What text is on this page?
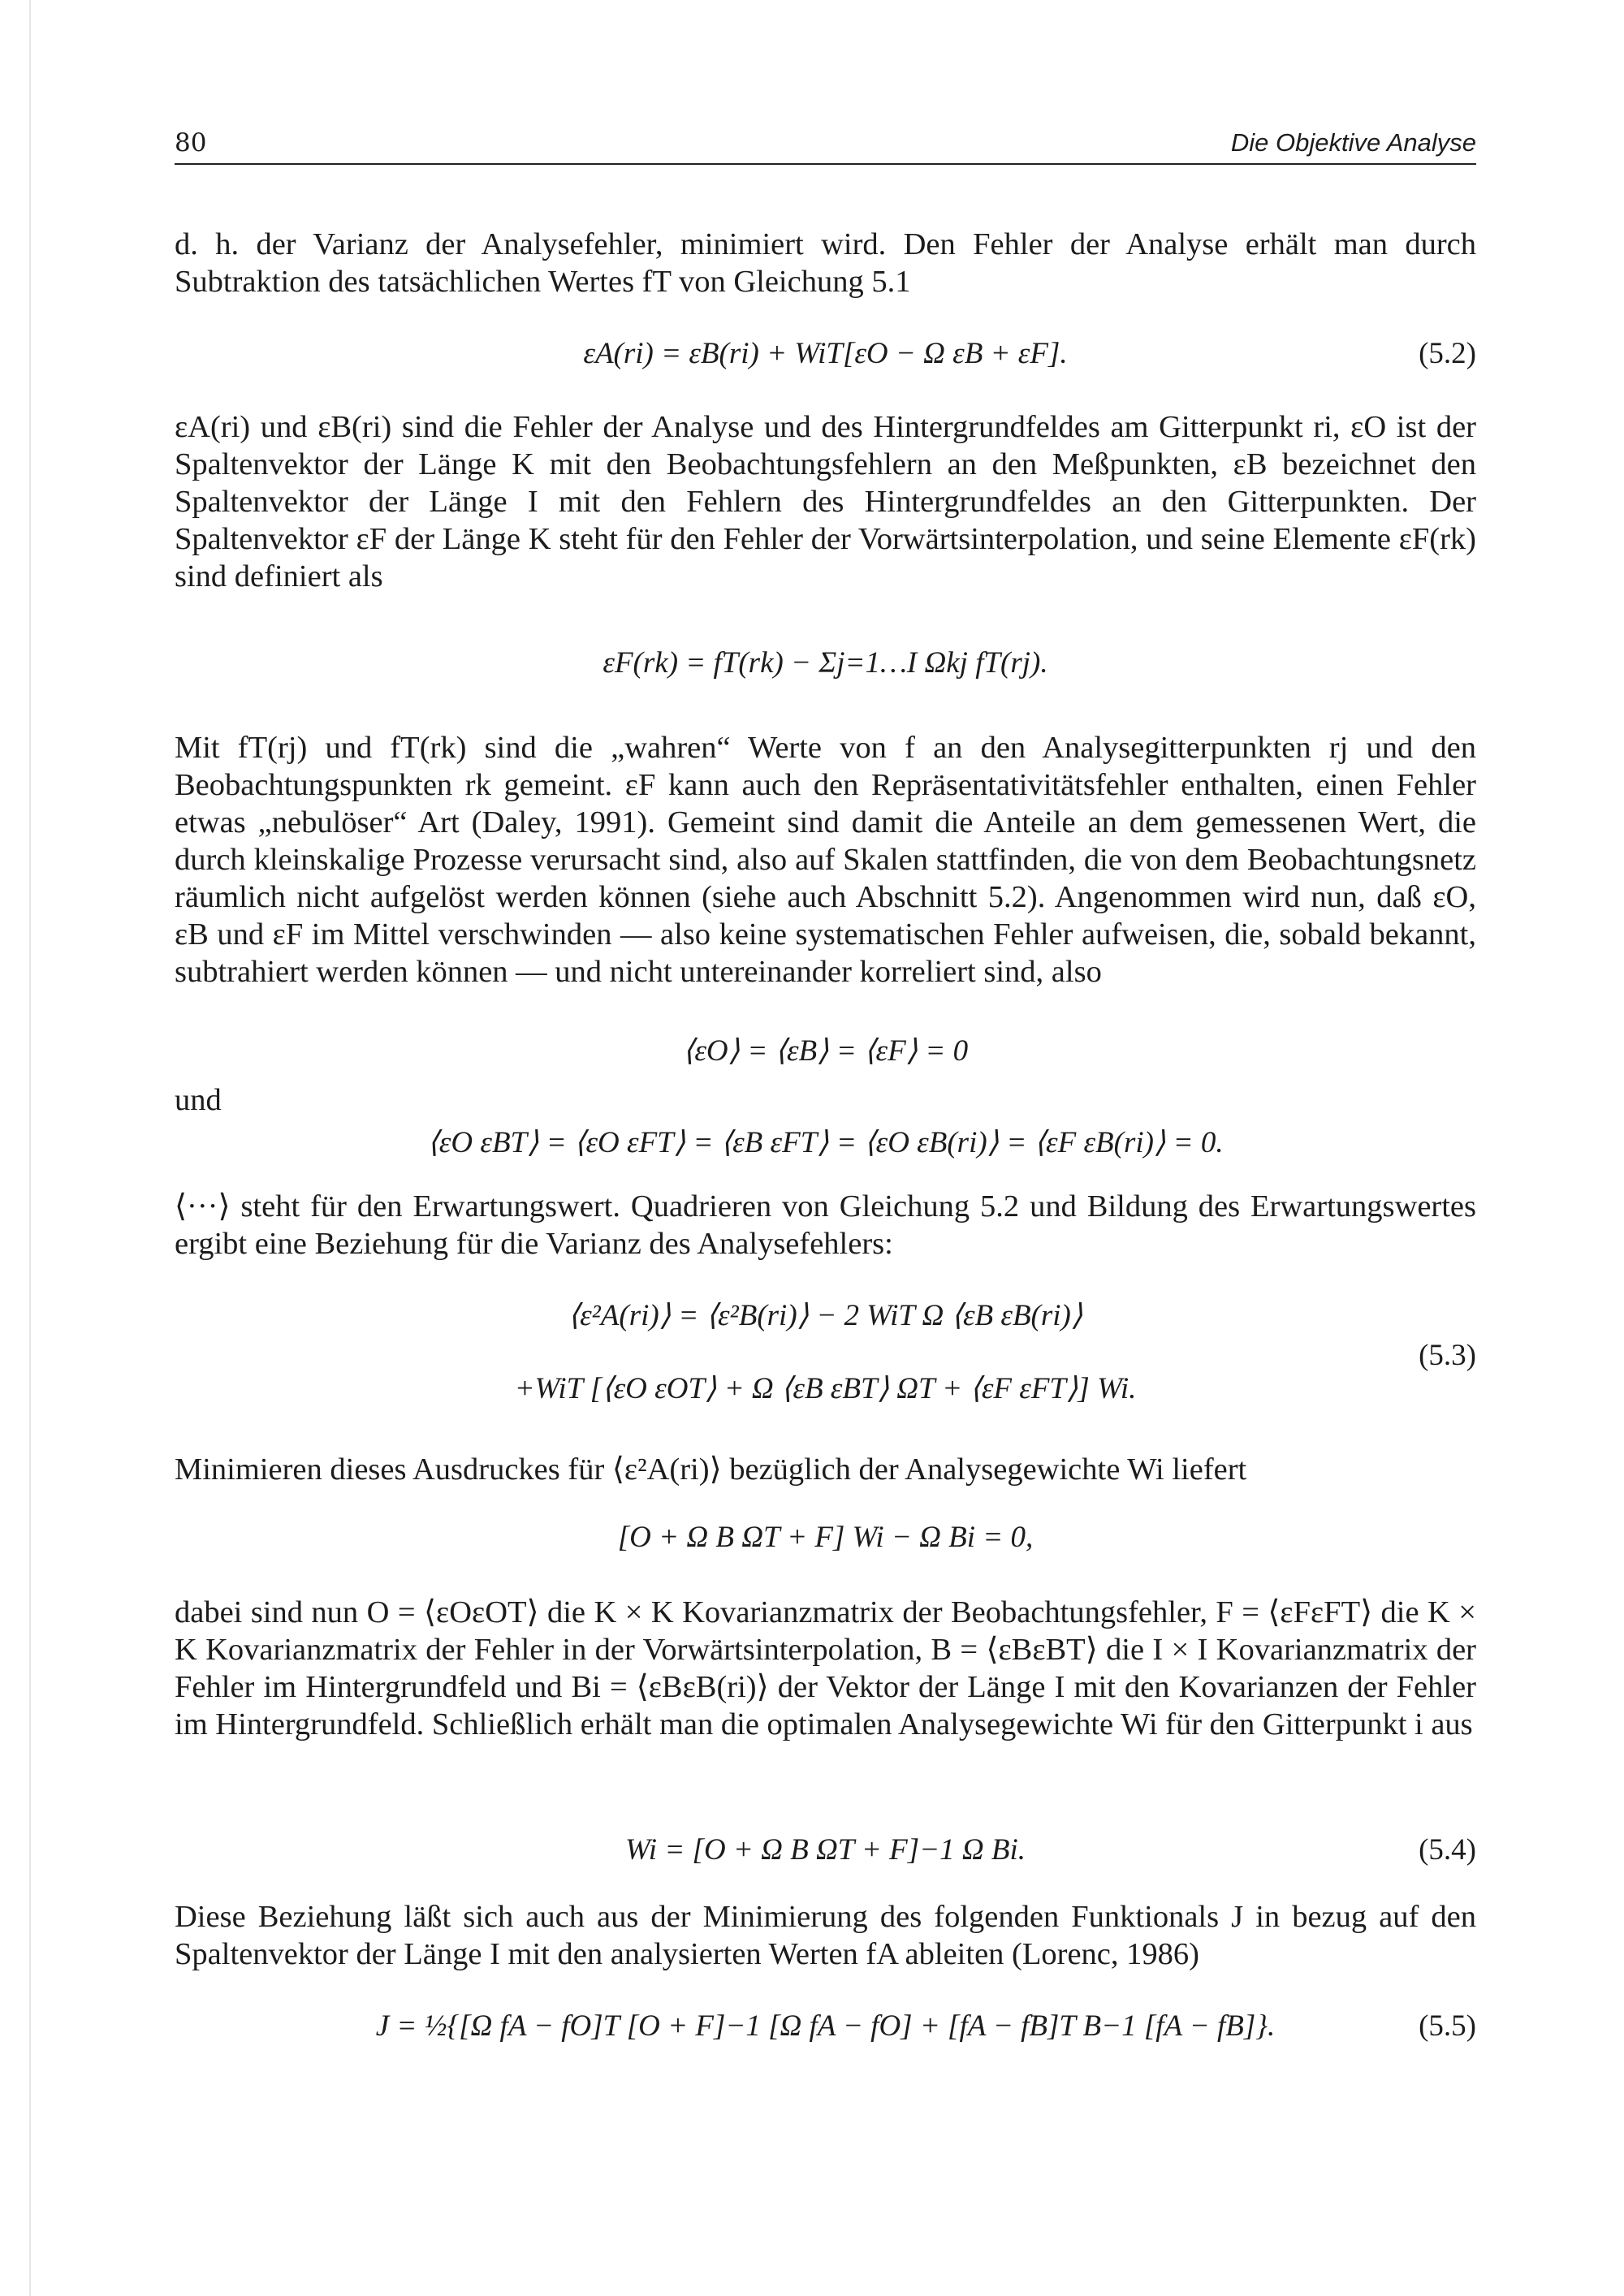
80	Die Objektive Analyse

d. h. der Varianz der Analysefehler, minimiert wird. Den Fehler der Analyse erhält man durch Subtraktion des tatsächlichen Wertes fT von Gleichung 5.1

εA(ri) = εB(ri) + WiT[εO − Ω εB + εF].	(5.2)

εA(ri) und εB(ri) sind die Fehler der Analyse und des Hintergrundfeldes am Gitterpunkt ri, εO ist der Spaltenvektor der Länge K mit den Beobachtungsfehlern an den Meßpunkten, εB bezeichnet den Spaltenvektor der Länge I mit den Fehlern des Hintergrundfeldes an den Gitterpunkten. Der Spaltenvektor εF der Länge K steht für den Fehler der Vorwärtsinterpolation, und seine Elemente εF(rk) sind definiert als

εF(rk) = fT(rk) − Σj=1…I Ωkj fT(rj).

Mit fT(rj) und fT(rk) sind die „wahren“ Werte von f an den Analysegitterpunkten rj und den Beobachtungspunkten rk gemeint. εF kann auch den Repräsentativitätsfehler enthalten, einen Fehler etwas „nebulöser“ Art (Daley, 1991). Gemeint sind damit die Anteile an dem gemessenen Wert, die durch kleinskalige Prozesse verursacht sind, also auf Skalen stattfinden, die von dem Beobachtungsnetz räumlich nicht aufgelöst werden können (siehe auch Abschnitt 5.2). Angenommen wird nun, daß εO, εB und εF im Mittel verschwinden — also keine systematischen Fehler aufweisen, die, sobald bekannt, subtrahiert werden können — und nicht untereinander korreliert sind, also

⟨εO⟩ = ⟨εB⟩ = ⟨εF⟩ = 0
und
⟨εO εBT⟩ = ⟨εO εFT⟩ = ⟨εB εFT⟩ = ⟨εO εB(ri)⟩ = ⟨εF εB(ri)⟩ = 0.

⟨···⟩ steht für den Erwartungswert. Quadrieren von Gleichung 5.2 und Bildung des Erwartungswertes ergibt eine Beziehung für die Varianz des Analysefehlers:

⟨ε²A(ri)⟩ = ⟨ε²B(ri)⟩ − 2 WiT Ω ⟨εB εB(ri)⟩
(5.3)
+WiT [⟨εO εOT⟩ + Ω ⟨εB εBT⟩ ΩT + ⟨εF εFT⟩] Wi.

Minimieren dieses Ausdruckes für ⟨ε²A(ri)⟩ bezüglich der Analysegewichte Wi liefert

[O + Ω B ΩT + F] Wi − Ω Bi = 0,

dabei sind nun O = ⟨εOεOT⟩ die K × K Kovarianzmatrix der Beobachtungsfehler, F = ⟨εFεFT⟩ die K × K Kovarianzmatrix der Fehler in der Vorwärtsinterpolation, B = ⟨εBεBT⟩ die I × I Kovarianzmatrix der Fehler im Hintergrundfeld und Bi = ⟨εBεB(ri)⟩ der Vektor der Länge I mit den Kovarianzen der Fehler im Hintergrundfeld. Schließlich erhält man die optimalen Analysegewichte Wi für den Gitterpunkt i aus

Wi = [O + Ω B ΩT + F]−1 Ω Bi.	(5.4)

Diese Beziehung läßt sich auch aus der Minimierung des folgenden Funktionals J in bezug auf den Spaltenvektor der Länge I mit den analysierten Werten fA ableiten (Lorenc, 1986)

J = ½{[Ω fA − fO]T [O + F]−1 [Ω fA − fO] + [fA − fB]T B−1 [fA − fB]}.	(5.5)
